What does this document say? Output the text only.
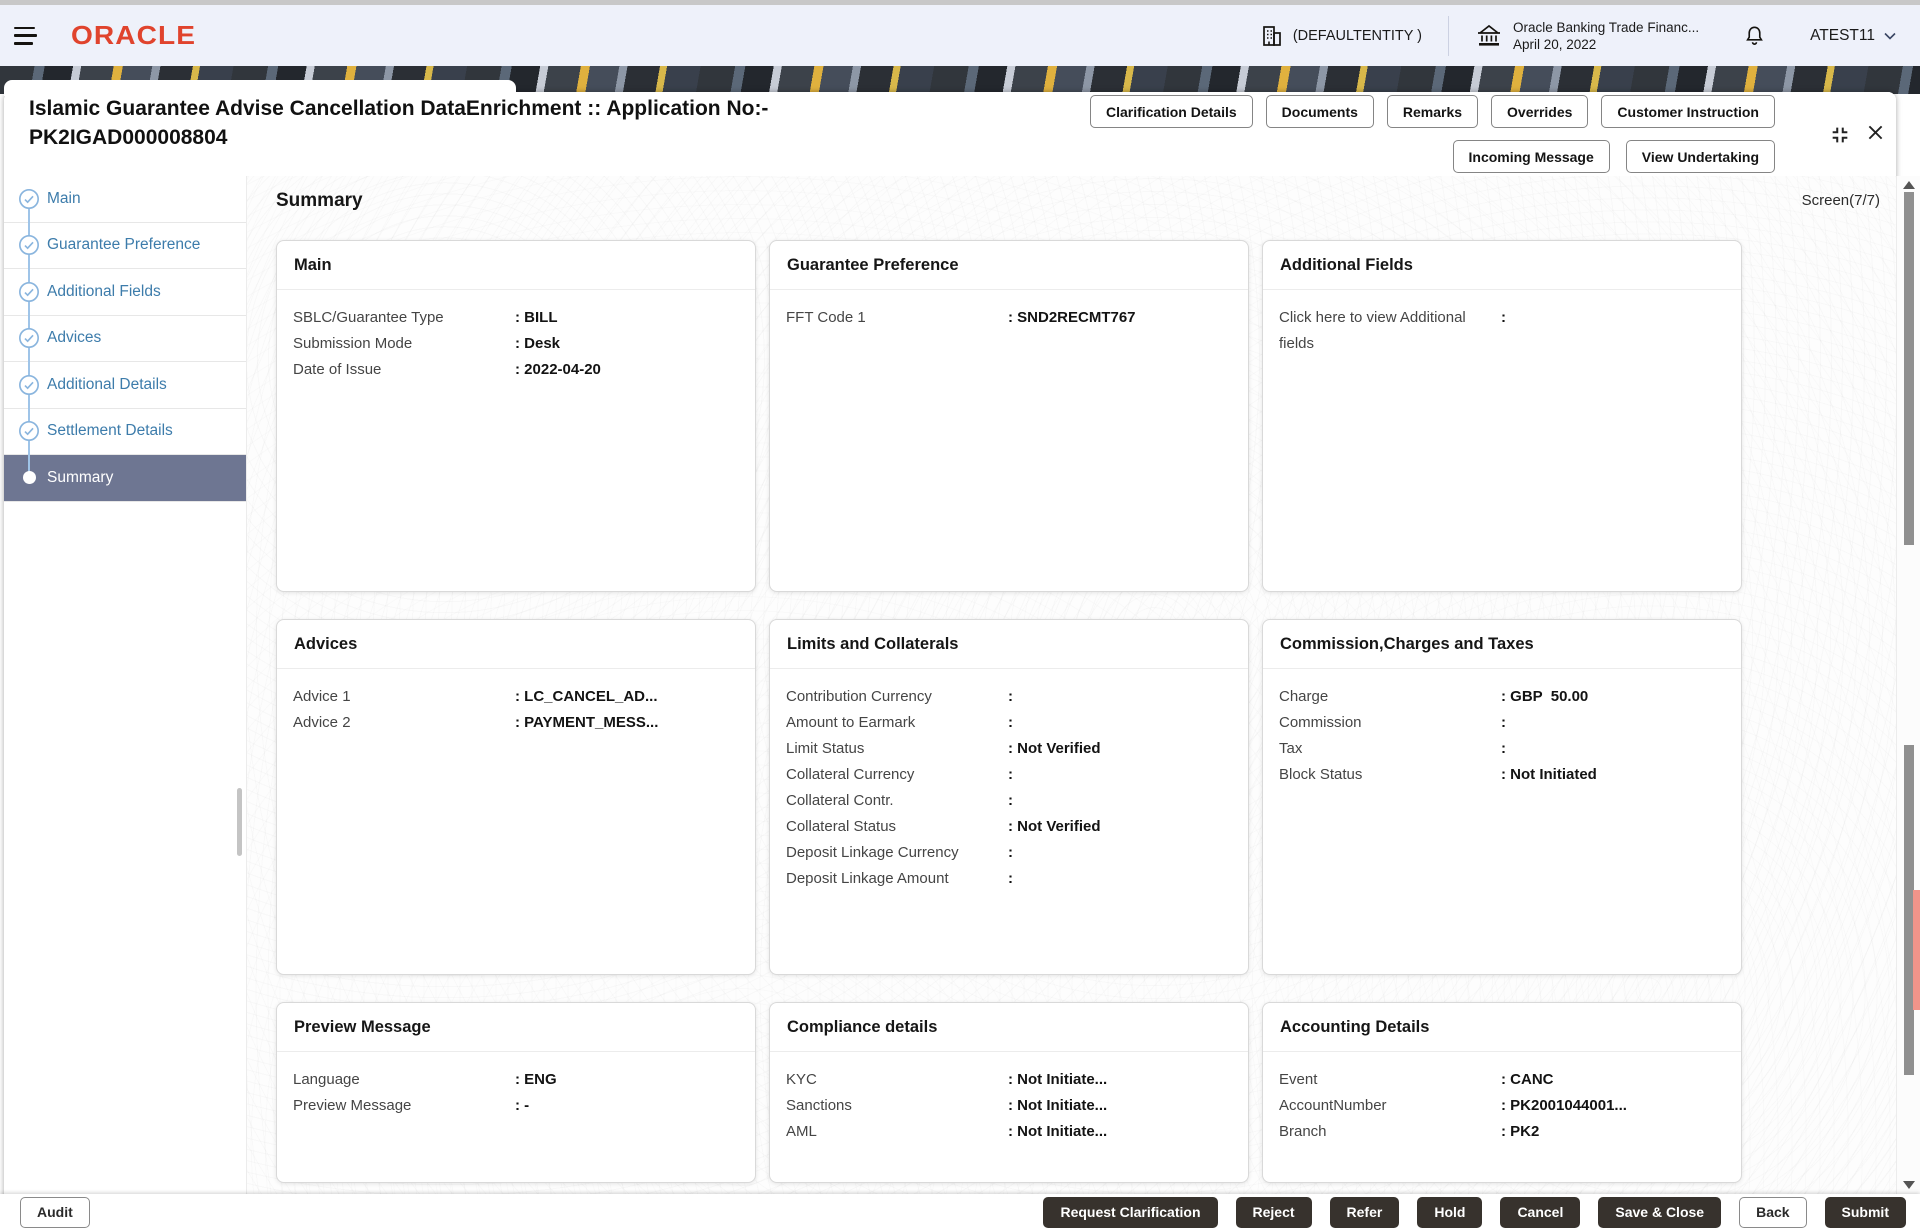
ORACLE	(DEFAULTENTITY )
Oracle Banking Trade Financ...
April 20, 2022
ATEST11
Islamic Guarantee Advise Cancellation DataEnrichment :: Application No:-
PK2IGAD000008804
Clarification Details	Documents	Remarks	Overrides	Customer Instruction
Incoming Message	View Undertaking
Main
Guarantee Preference
Additional Fields
Advices
Additional Details
Settlement Details
Summary
Summary	Screen(7/7)
Main
SBLC/Guarantee Type	: BILL
Submission Mode	: Desk
Date of Issue	: 2022-04-20
Guarantee Preference
FFT Code 1	: SND2RECMT767
Additional Fields
Click here to view Additional fields
:
Advices
Advice 1	: LC_CANCEL_AD...
Advice 2	: PAYMENT_MESS...
Limits and Collaterals
Contribution Currency	:
Amount to Earmark	:
Limit Status	: Not Verified
Collateral Currency	:
Collateral Contr.	:
Collateral Status	: Not Verified
Deposit Linkage Currency	:
Deposit Linkage Amount	:
Commission,Charges and Taxes
Charge	: GBP  50.00
Commission	:
Tax	:
Block Status	: Not Initiated
Preview Message
Language	: ENG
Preview Message	: -
Compliance details
KYC	: Not Initiate...
Sanctions	: Not Initiate...
AML	: Not Initiate...
Accounting Details
Event	: CANC
AccountNumber	: PK2001044001...
Branch	: PK2
Audit	Request Clarification	Reject	Refer	Hold	Cancel	Save & Close	Back	Submit
